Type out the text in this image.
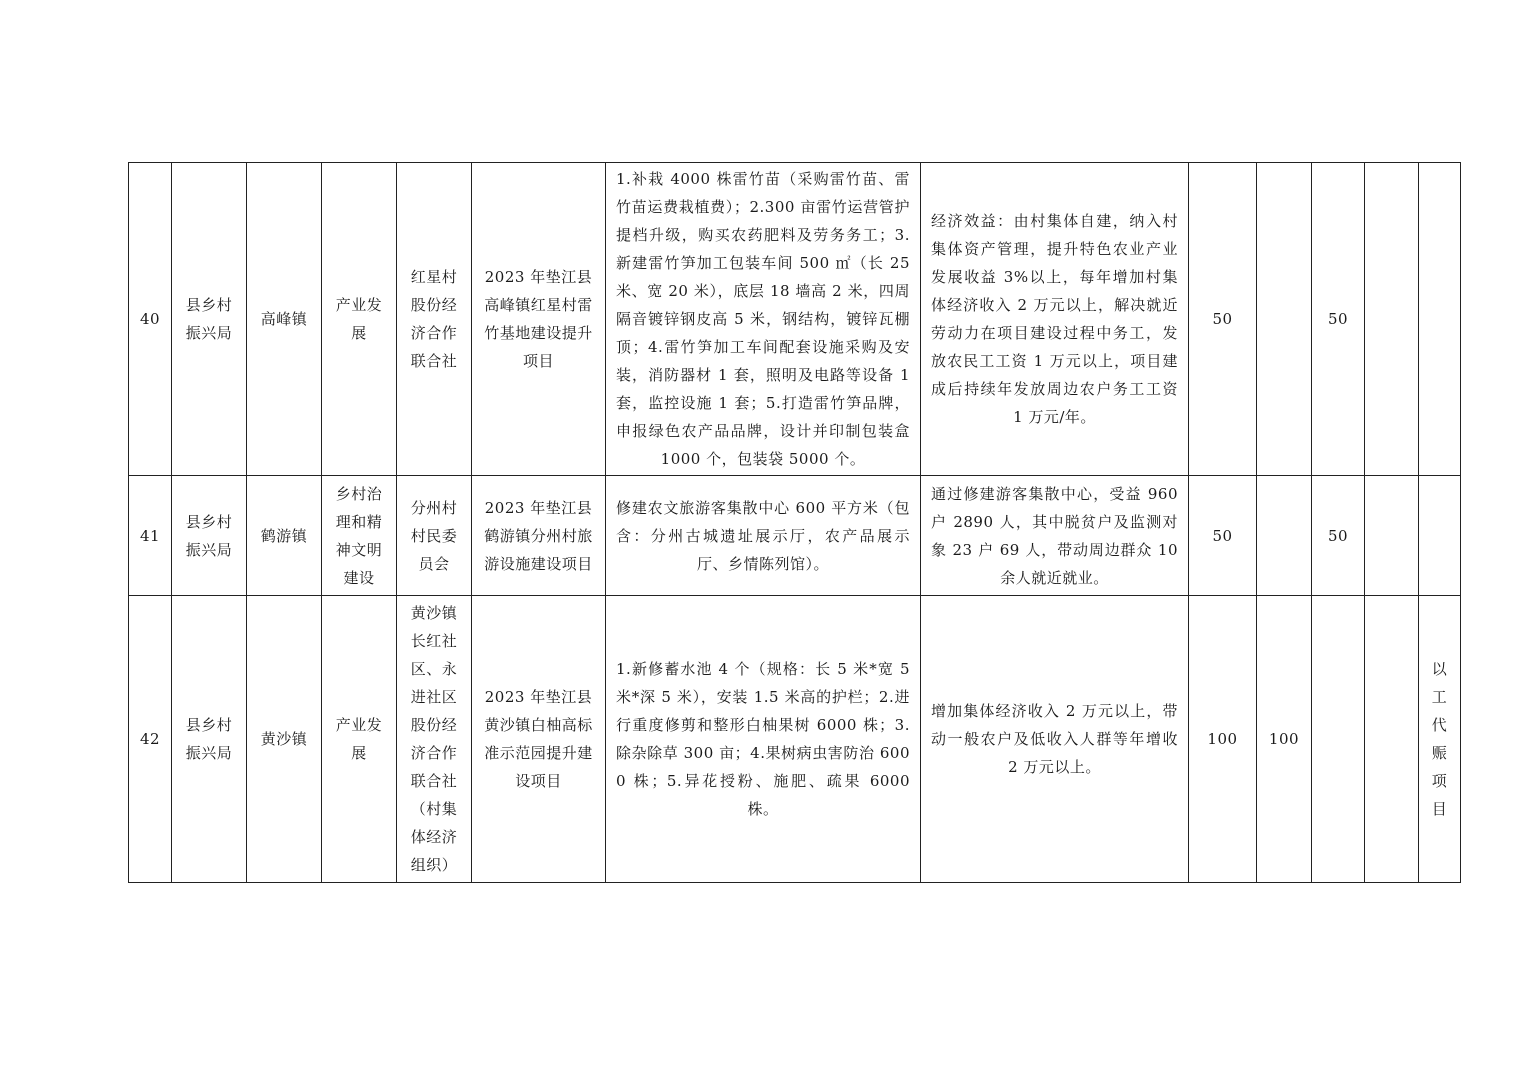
40	县乡村振兴局	高峰镇	产业发展	红星村股份经济合作联合社	2023 年垫江县高峰镇红星村雷竹基地建设提升项目	1.补栽 4000 株雷竹苗（采购雷竹苗、雷竹苗运费栽植费）；2.300 亩雷竹运营管护提档升级，购买农药肥料及劳务务工；3.新建雷竹笋加工包装车间 500 ㎡（长 25 米、宽 20 米），底层 18 墙高 2 米，四周隔音镀锌钢皮高 5 米，钢结构，镀锌瓦棚顶；4.雷竹笋加工车间配套设施采购及安装，消防器材 1 套，照明及电路等设备 1 套，监控设施 1 套；5.打造雷竹笋品牌，申报绿色农产品品牌，设计并印制包装盒 1000 个，包装袋 5000 个。	经济效益：由村集体自建，纳入村集体资产管理，提升特色农业产业发展收益 3%以上，每年增加村集体经济收入 2 万元以上，解决就近劳动力在项目建设过程中务工，发放农民工工资 1 万元以上，项目建成后持续年发放周边农户务工工资 1 万元/年。	50		50		

41	县乡村振兴局	鹤游镇	乡村治理和精神文明建设	分州村村民委员会	2023 年垫江县鹤游镇分州村旅游设施建设项目	修建农文旅游客集散中心 600 平方米（包含：分州古城遗址展示厅，农产品展示厅、乡情陈列馆）。	通过修建游客集散中心，受益 960 户 2890 人，其中脱贫户及监测对象 23 户 69 人，带动周边群众 10 余人就近就业。	50		50		

42	县乡村振兴局	黄沙镇	产业发展	黄沙镇长红社区、永进社区股份经济合作联合社（村集体经济组织）	2023 年垫江县黄沙镇白柚高标准示范园提升建设项目	1.新修蓄水池 4 个（规格：长 5 米*宽 5 米*深 5 米），安装 1.5 米高的护栏；2.进行重度修剪和整形白柚果树 6000 株；3.除杂除草 300 亩；4.果树病虫害防治 6000 株；5.异花授粉、施肥、疏果 6000 株。	增加集体经济收入 2 万元以上，带动一般农户及低收入人群等年增收 2 万元以上。	100	100			以工代赈项目
